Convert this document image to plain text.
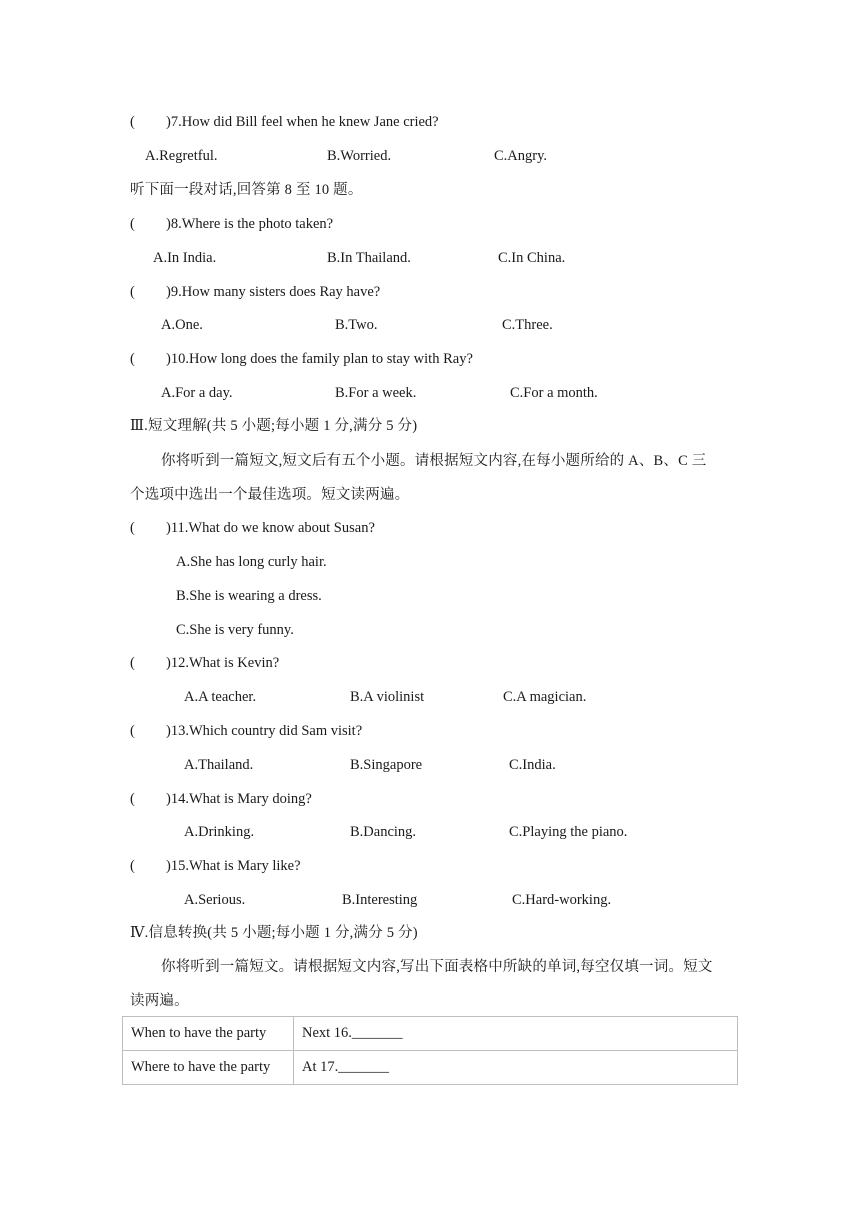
( )7.How did Bill feel when he knew Jane cried?
A.Regretful.	B.Worried.	C.Angry.
听下面一段对话,回答第 8 至 10 题。
( )8.Where is the photo taken?
A.In India.	B.In Thailand.	C.In China.
( )9.How many sisters does Ray have?
A.One.	B.Two.	C.Three.
( )10.How long does the family plan to stay with Ray?
A.For a day.	B.For a week.	C.For a month.
Ⅲ.短文理解(共 5 小题;每小题 1 分,满分 5 分)
你将听到一篇短文,短文后有五个小题。请根据短文内容,在每小题所给的 A、B、C 三
个选项中选出一个最佳选项。短文读两遍。
( )11.What do we know about Susan?
A.She has long curly hair.
B.She is wearing a dress.
C.She is very funny.
( )12.What is Kevin?
A.A teacher.	B.A violinist	C.A magician.
( )13.Which country did Sam visit?
A.Thailand.	B.Singapore	C.India.
( )14.What is Mary doing?
A.Drinking.	B.Dancing.	C.Playing the piano.
( )15.What is Mary like?
A.Serious.	B.Interesting	C.Hard-working.
Ⅳ.信息转换(共 5 小题;每小题 1 分,满分 5 分)
你将听到一篇短文。请根据短文内容,写出下面表格中所缺的单词,每空仅填一词。短文
读两遍。
When to have the party	Next 16._______
Where to have the party	At 17._______
